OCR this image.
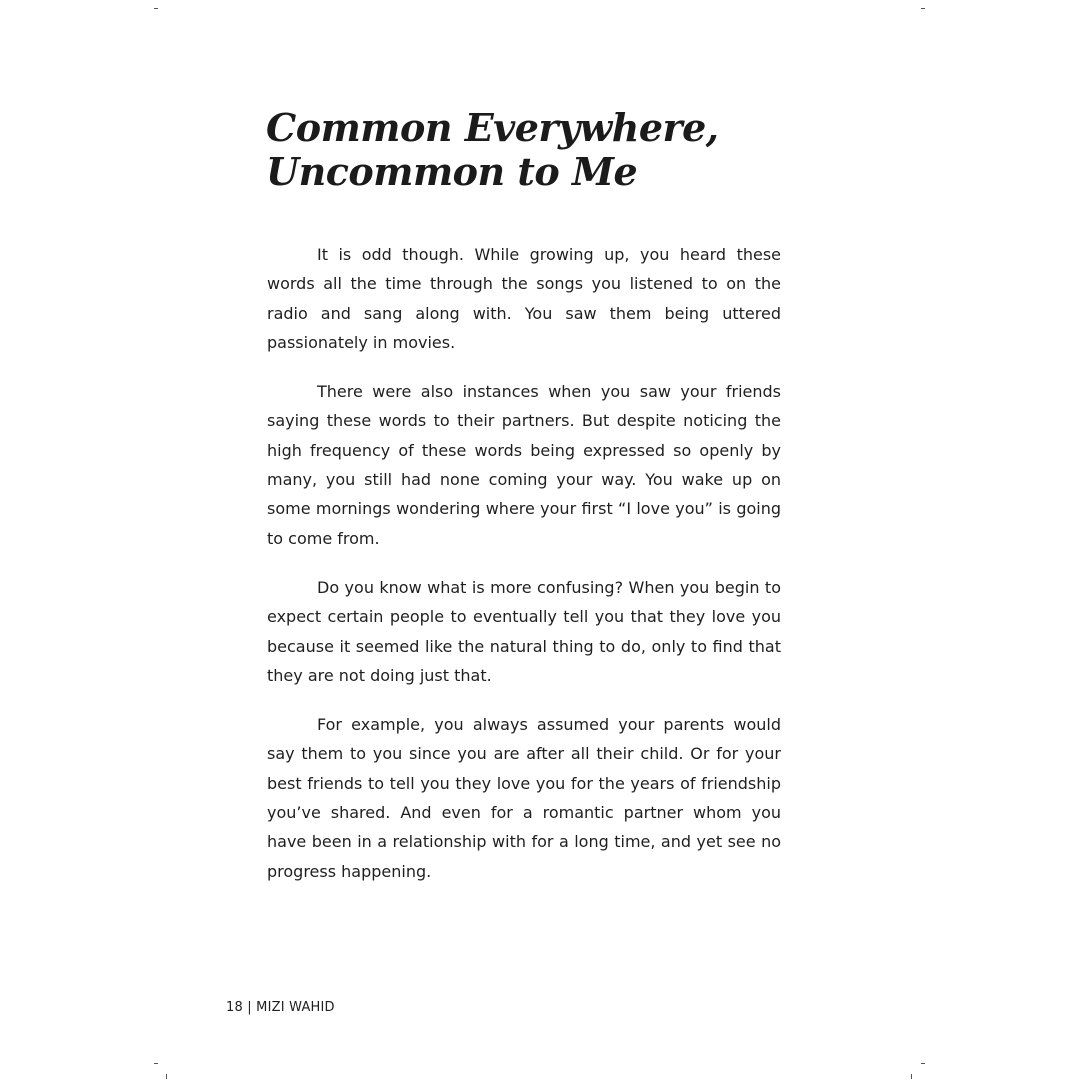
Common Everywhere,
Uncommon to Me

It is odd though. While growing up, you heard these words all the time through the songs you listened to on the radio and sang along with. You saw them being uttered passionately in movies.

There were also instances when you saw your friends saying these words to their partners. But despite noticing the high frequency of these words being expressed so openly by many, you still had none coming your way. You wake up on some mornings wondering where your first “I love you” is going to come from.

Do you know what is more confusing? When you begin to expect certain people to eventually tell you that they love you because it seemed like the natural thing to do, only to find that they are not doing just that.

For example, you always assumed your parents would say them to you since you are after all their child. Or for your best friends to tell you they love you for the years of friendship you’ve shared. And even for a romantic partner whom you have been in a relationship with for a long time, and yet see no progress happening.

18 | MIZI WAHID
